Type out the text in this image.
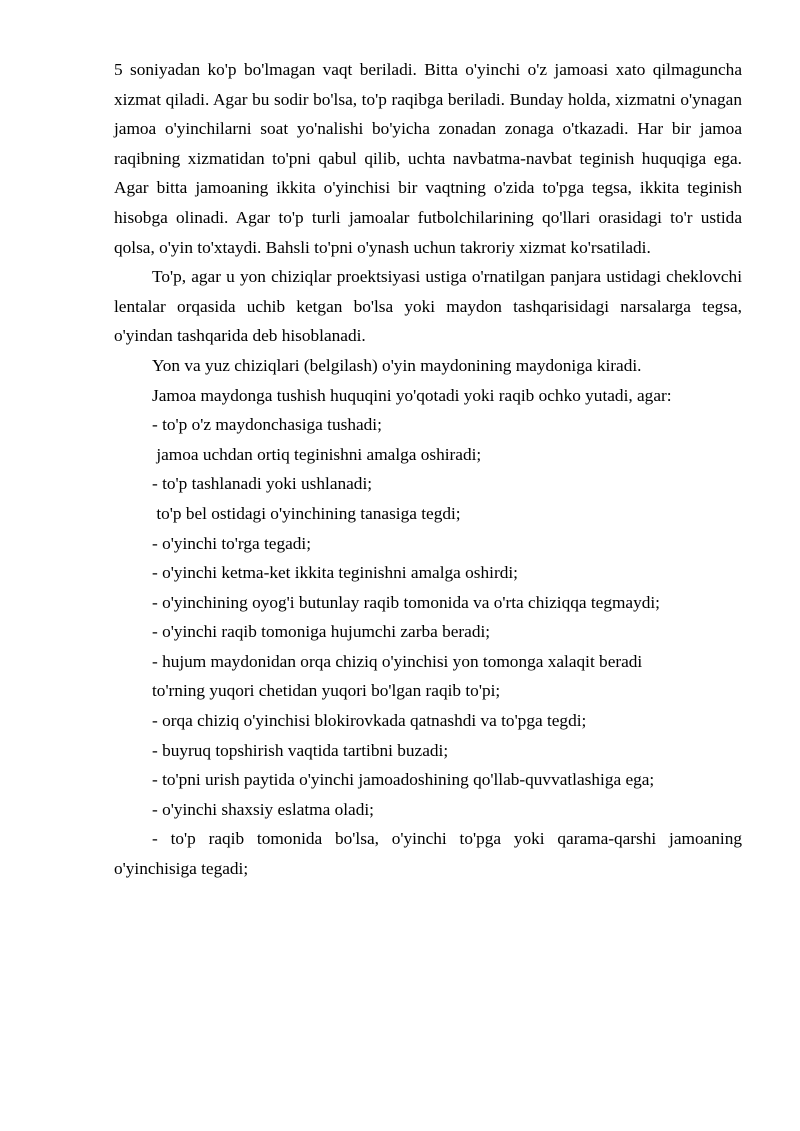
5 soniyadan ko'p bo'lmagan vaqt beriladi. Bitta o'yinchi o'z jamoasi xato qilmaguncha xizmat qiladi. Agar bu sodir bo'lsa, to'p raqibga beriladi. Bunday holda, xizmatni o'ynagan jamoa o'yinchilarni soat yo'nalishi bo'yicha zonadan zonaga o'tkazadi. Har bir jamoa raqibning xizmatidan to'pni qabul qilib, uchta navbatma-navbat teginish huquqiga ega. Agar bitta jamoaning ikkita o'yinchisi bir vaqtning o'zida to'pga tegsa, ikkita teginish hisobga olinadi. Agar to'p turli jamoalar futbolchilarining qo'llari orasidagi to'r ustida qolsa, o'yin to'xtaydi. Bahsli to'pni o'ynash uchun takroriy xizmat ko'rsatiladi.

To'p, agar u yon chiziqlar proektsiyasi ustiga o'rnatilgan panjara ustidagi cheklovchi lentalar orqasida uchib ketgan bo'lsa yoki maydon tashqarisidagi narsalarga tegsa, o'yindan tashqarida deb hisoblanadi.

Yon va yuz chiziqlari (belgilash) o'yin maydonining maydoniga kiradi.

Jamoa maydonga tushish huquqini yo'qotadi yoki raqib ochko yutadi, agar:

- to'p o'z maydonchasiga tushadi;

jamoa uchdan ortiq teginishni amalga oshiradi;

- to'p tashlanadi yoki ushlanadi;

to'p bel ostidagi o'yinchining tanasiga tegdi;

- o'yinchi to'rga tegadi;

- o'yinchi ketma-ket ikkita teginishni amalga oshirdi;

- o'yinchining oyog'i butunlay raqib tomonida va o'rta chiziqqa tegmaydi;

- o'yinchi raqib tomoniga hujumchi zarba beradi;

- hujum maydonidan orqa chiziq o'yinchisi yon tomonga xalaqit beradi

to'rning yuqori chetidan yuqori bo'lgan raqib to'pi;

- orqa chiziq o'yinchisi blokirovkada qatnashdi va to'pga tegdi;

- buyruq topshirish vaqtida tartibni buzadi;

- to'pni urish paytida o'yinchi jamoadoshining qo'llab-quvvatlashiga ega;

- o'yinchi shaxsiy eslatma oladi;

- to'p raqib tomonida bo'lsa, o'yinchi to'pga yoki qarama-qarshi jamoaning o'yinchisiga tegadi;
